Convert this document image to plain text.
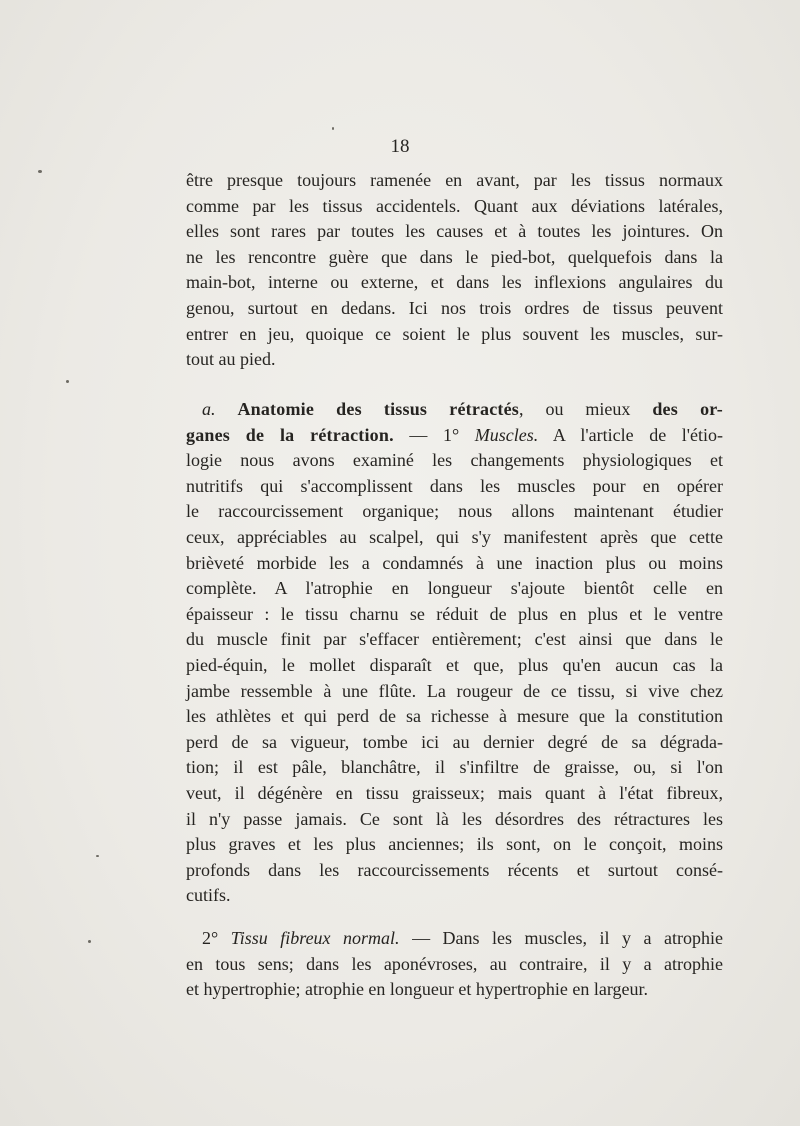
18
être presque toujours ramenée en avant, par les tissus normaux
comme par les tissus accidentels. Quant aux déviations latérales,
elles sont rares par toutes les causes et à toutes les jointures. On
ne les rencontre guère que dans le pied-bot, quelquefois dans la
main-bot, interne ou externe, et dans les inflexions angulaires du
genou, surtout en dedans. Ici nos trois ordres de tissus peuvent
entrer en jeu, quoique ce soient le plus souvent les muscles, sur-
tout au pied.
a. Anatomie des tissus rétractés, ou mieux des or-
ganes de la rétraction. — 1° Muscles. A l'article de l'étio-
logie nous avons examiné les changements physiologiques et
nutritifs qui s'accomplissent dans les muscles pour en opérer
le raccourcissement organique; nous allons maintenant étudier
ceux, appréciables au scalpel, qui s'y manifestent après que cette
brièveté morbide les a condamnés à une inaction plus ou moins
complète. A l'atrophie en longueur s'ajoute bientôt celle en
épaisseur : le tissu charnu se réduit de plus en plus et le ventre
du muscle finit par s'effacer entièrement; c'est ainsi que dans le
pied-équin, le mollet disparaît et que, plus qu'en aucun cas la
jambe ressemble à une flûte. La rougeur de ce tissu, si vive chez
les athlètes et qui perd de sa richesse à mesure que la constitution
perd de sa vigueur, tombe ici au dernier degré de sa dégrada-
tion; il est pâle, blanchâtre, il s'infiltre de graisse, ou, si l'on
veut, il dégénère en tissu graisseux; mais quant à l'état fibreux,
il n'y passe jamais. Ce sont là les désordres des rétractures les
plus graves et les plus anciennes; ils sont, on le conçoit, moins
profonds dans les raccourcissements récents et surtout consé-
cutifs.
2° Tissu fibreux normal. — Dans les muscles, il y a atrophie
en tous sens; dans les aponévroses, au contraire, il y a atrophie
et hypertrophie; atrophie en longueur et hypertrophie en largeur.
